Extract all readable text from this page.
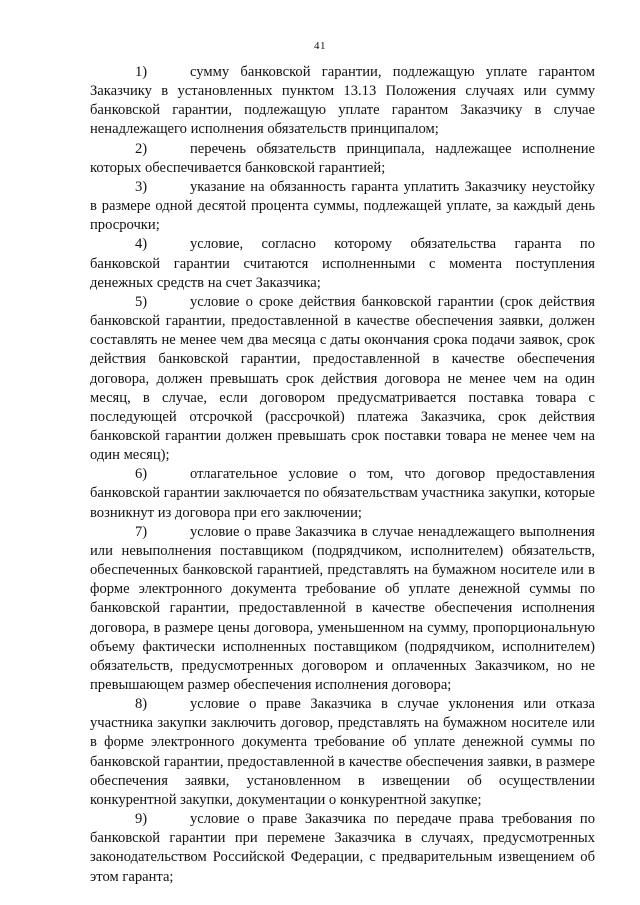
41

1)	сумму банковской гарантии, подлежащую уплате гарантом Заказчику в установленных пунктом 13.13 Положения случаях или сумму банковской гарантии, подлежащую уплате гарантом Заказчику в случае ненадлежащего исполнения обязательств принципалом;

2)	перечень обязательств принципала, надлежащее исполнение которых обеспечивается банковской гарантией;

3)	указание на обязанность гаранта уплатить Заказчику неустойку в размере одной десятой процента суммы, подлежащей уплате, за каждый день просрочки;

4)	условие, согласно которому обязательства гаранта по банковской гарантии считаются исполненными с момента поступления денежных средств на счет Заказчика;

5)	условие о сроке действия банковской гарантии (срок действия банковской гарантии, предоставленной в качестве обеспечения заявки, должен составлять не менее чем два месяца с даты окончания срока подачи заявок, срок действия банковской гарантии, предоставленной в качестве обеспечения договора, должен превышать срок действия договора не менее чем на один месяц, в случае, если договором предусматривается поставка товара с последующей отсрочкой (рассрочкой) платежа Заказчика, срок действия банковской гарантии должен превышать срок поставки товара не менее чем на один месяц);

6)	отлагательное условие о том, что договор предоставления банковской гарантии заключается по обязательствам участника закупки, которые возникнут из договора при его заключении;

7)	условие о праве Заказчика в случае ненадлежащего выполнения или невыполнения поставщиком (подрядчиком, исполнителем) обязательств, обеспеченных банковской гарантией, представлять на бумажном носителе или в форме электронного документа требование об уплате денежной суммы по банковской гарантии, предоставленной в качестве обеспечения исполнения договора, в размере цены договора, уменьшенном на сумму, пропорциональную объему фактически исполненных поставщиком (подрядчиком, исполнителем) обязательств, предусмотренных договором и оплаченных Заказчиком, но не превышающем размер обеспечения исполнения договора;

8)	условие о праве Заказчика в случае уклонения или отказа участника закупки заключить договор, представлять на бумажном носителе или в форме электронного документа требование об уплате денежной суммы по банковской гарантии, предоставленной в качестве обеспечения заявки, в размере обеспечения заявки, установленном в извещении об осуществлении конкурентной закупки, документации о конкурентной закупке;

9)	условие о праве Заказчика по передаче права требования по банковской гарантии при перемене Заказчика в случаях, предусмотренных законодательством Российской Федерации, с предварительным извещением об этом гаранта;
